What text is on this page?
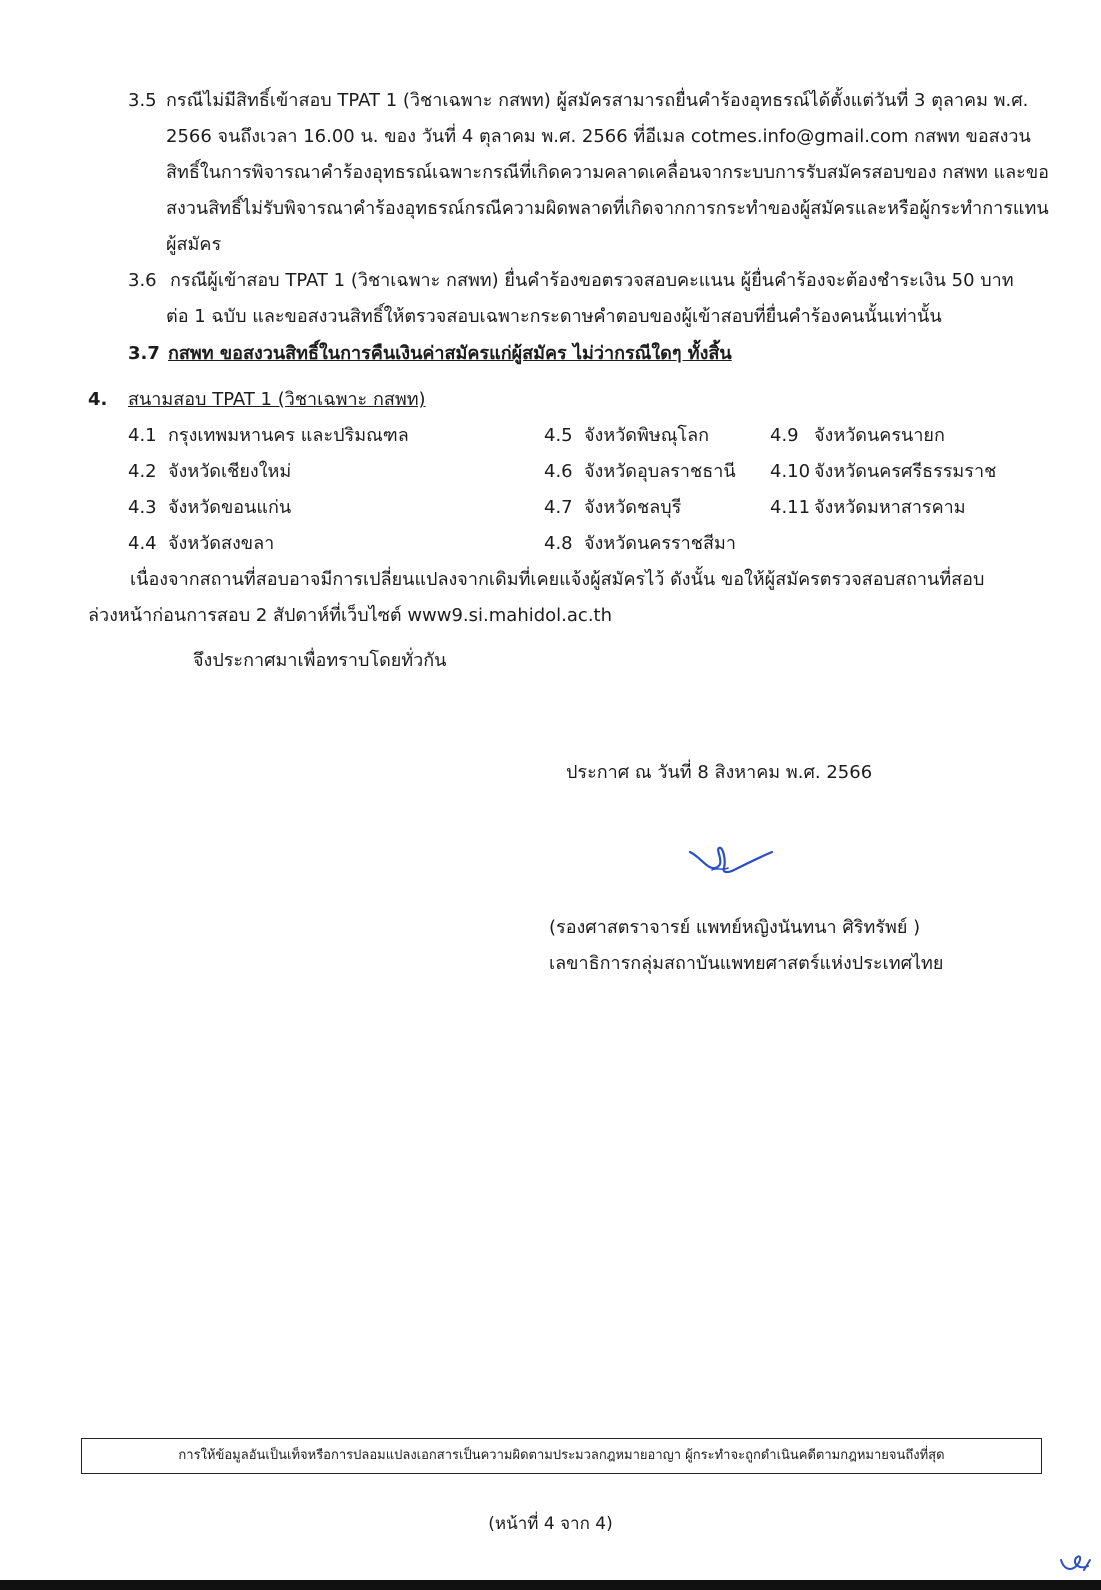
3.5 กรณีไม่มีสิทธิ์เข้าสอบ TPAT 1 (วิชาเฉพาะ กสพท) ผู้สมัครสามารถยื่นคำร้องอุทธรณ์ได้ตั้งแต่วันที่ 3 ตุลาคม พ.ศ.
2566 จนถึงเวลา 16.00 น. ของ วันที่ 4 ตุลาคม พ.ศ. 2566 ที่อีเมล cotmes.info@gmail.com กสพท ขอสงวน
สิทธิ์ในการพิจารณาคำร้องอุทธรณ์เฉพาะกรณีที่เกิดความคลาดเคลื่อนจากระบบการรับสมัครสอบของ กสพท และขอ
สงวนสิทธิ์ไม่รับพิจารณาคำร้องอุทธรณ์กรณีความผิดพลาดที่เกิดจากการกระทำของผู้สมัครและหรือผู้กระทำการแทน
ผู้สมัคร
3.6 กรณีผู้เข้าสอบ TPAT 1 (วิชาเฉพาะ กสพท) ยื่นคำร้องขอตรวจสอบคะแนน ผู้ยื่นคำร้องจะต้องชำระเงิน 50 บาท
ต่อ 1 ฉบับ และขอสงวนสิทธิ์ให้ตรวจสอบเฉพาะกระดาษคำตอบของผู้เข้าสอบที่ยื่นคำร้องคนนั้นเท่านั้น
3.7 กสพท ขอสงวนสิทธิ์ในการคืนเงินค่าสมัครแก่ผู้สมัคร ไม่ว่ากรณีใดๆ ทั้งสิ้น
4. สนามสอบ TPAT 1 (วิชาเฉพาะ กสพท)
4.1 กรุงเทพมหานคร และปริมณฑล
4.2 จังหวัดเชียงใหม่
4.3 จังหวัดขอนแก่น
4.4 จังหวัดสงขลา
4.5 จังหวัดพิษณุโลก
4.6 จังหวัดอุบลราชธานี
4.7 จังหวัดชลบุรี
4.8 จังหวัดนครราชสีมา
4.9 จังหวัดนครนายก
4.10 จังหวัดนครศรีธรรมราช
4.11 จังหวัดมหาสารคาม
เนื่องจากสถานที่สอบอาจมีการเปลี่ยนแปลงจากเดิมที่เคยแจ้งผู้สมัครไว้ ดังนั้น ขอให้ผู้สมัครตรวจสอบสถานที่สอบ
ล่วงหน้าก่อนการสอบ 2 สัปดาห์ที่เว็บไซต์ www9.si.mahidol.ac.th
จึงประกาศมาเพื่อทราบโดยทั่วกัน
ประกาศ ณ วันที่ 8 สิงหาคม พ.ศ. 2566
(รองศาสตราจารย์ แพทย์หญิงนันทนา ศิริทรัพย์ )
เลขาธิการกลุ่มสถาบันแพทยศาสตร์แห่งประเทศไทย
การให้ข้อมูลอันเป็นเท็จหรือการปลอมแปลงเอกสารเป็นความผิดตามประมวลกฎหมายอาญา ผู้กระทำจะถูกดำเนินคดีตามกฎหมายจนถึงที่สุด
(หน้าที่ 4 จาก 4)
